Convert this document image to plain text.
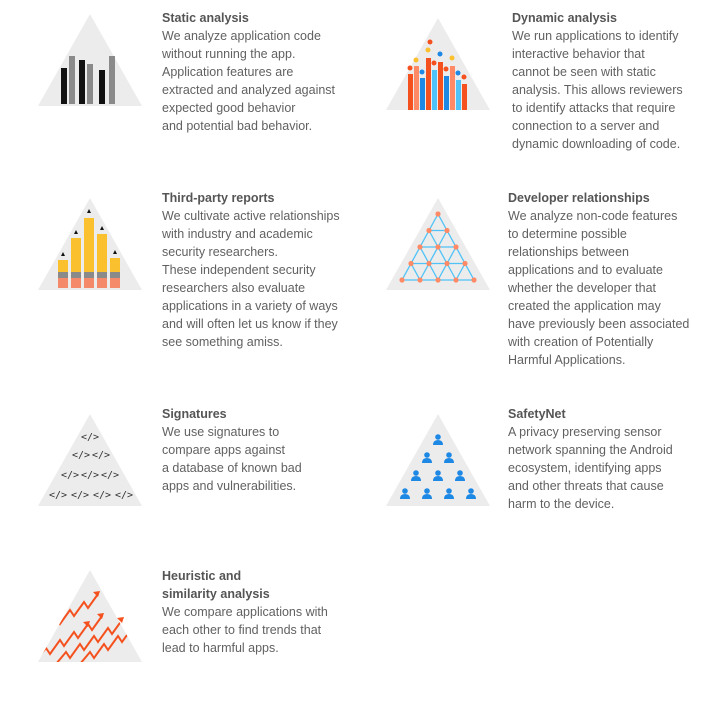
Static analysis

We analyze application code
without running the app.
Application features are
extracted and analyzed against
expected good behavior
and potential bad behavior.

Dynamic analysis

We run applications to identify
interactive behavior that
cannot be seen with static
analysis. This allows reviewers
to identify attacks that require
connection to a server and
dynamic downloading of code.

Third-party reports

We cultivate active relationships
with industry and academic
security researchers.
These independent security
researchers also evaluate
applications in a variety of ways
and will often let us know if they
see something amiss.

Developer relationships

We analyze non-code features
to determine possible
relationships between
applications and to evaluate
whether the developer that
created the application may
have previously been associated
with creation of Potentially
Harmful Applications.

</>
</> </>
</> </> </>
</> </> </> </>

Signatures

We use signatures to
compare apps against
a database of known bad
apps and vulnerabilities.

SafetyNet

A privacy preserving sensor
network spanning the Android
ecosystem, identifying apps
and other threats that cause
harm to the device.

Heuristic and
similarity analysis

We compare applications with
each other to find trends that
lead to harmful apps.
